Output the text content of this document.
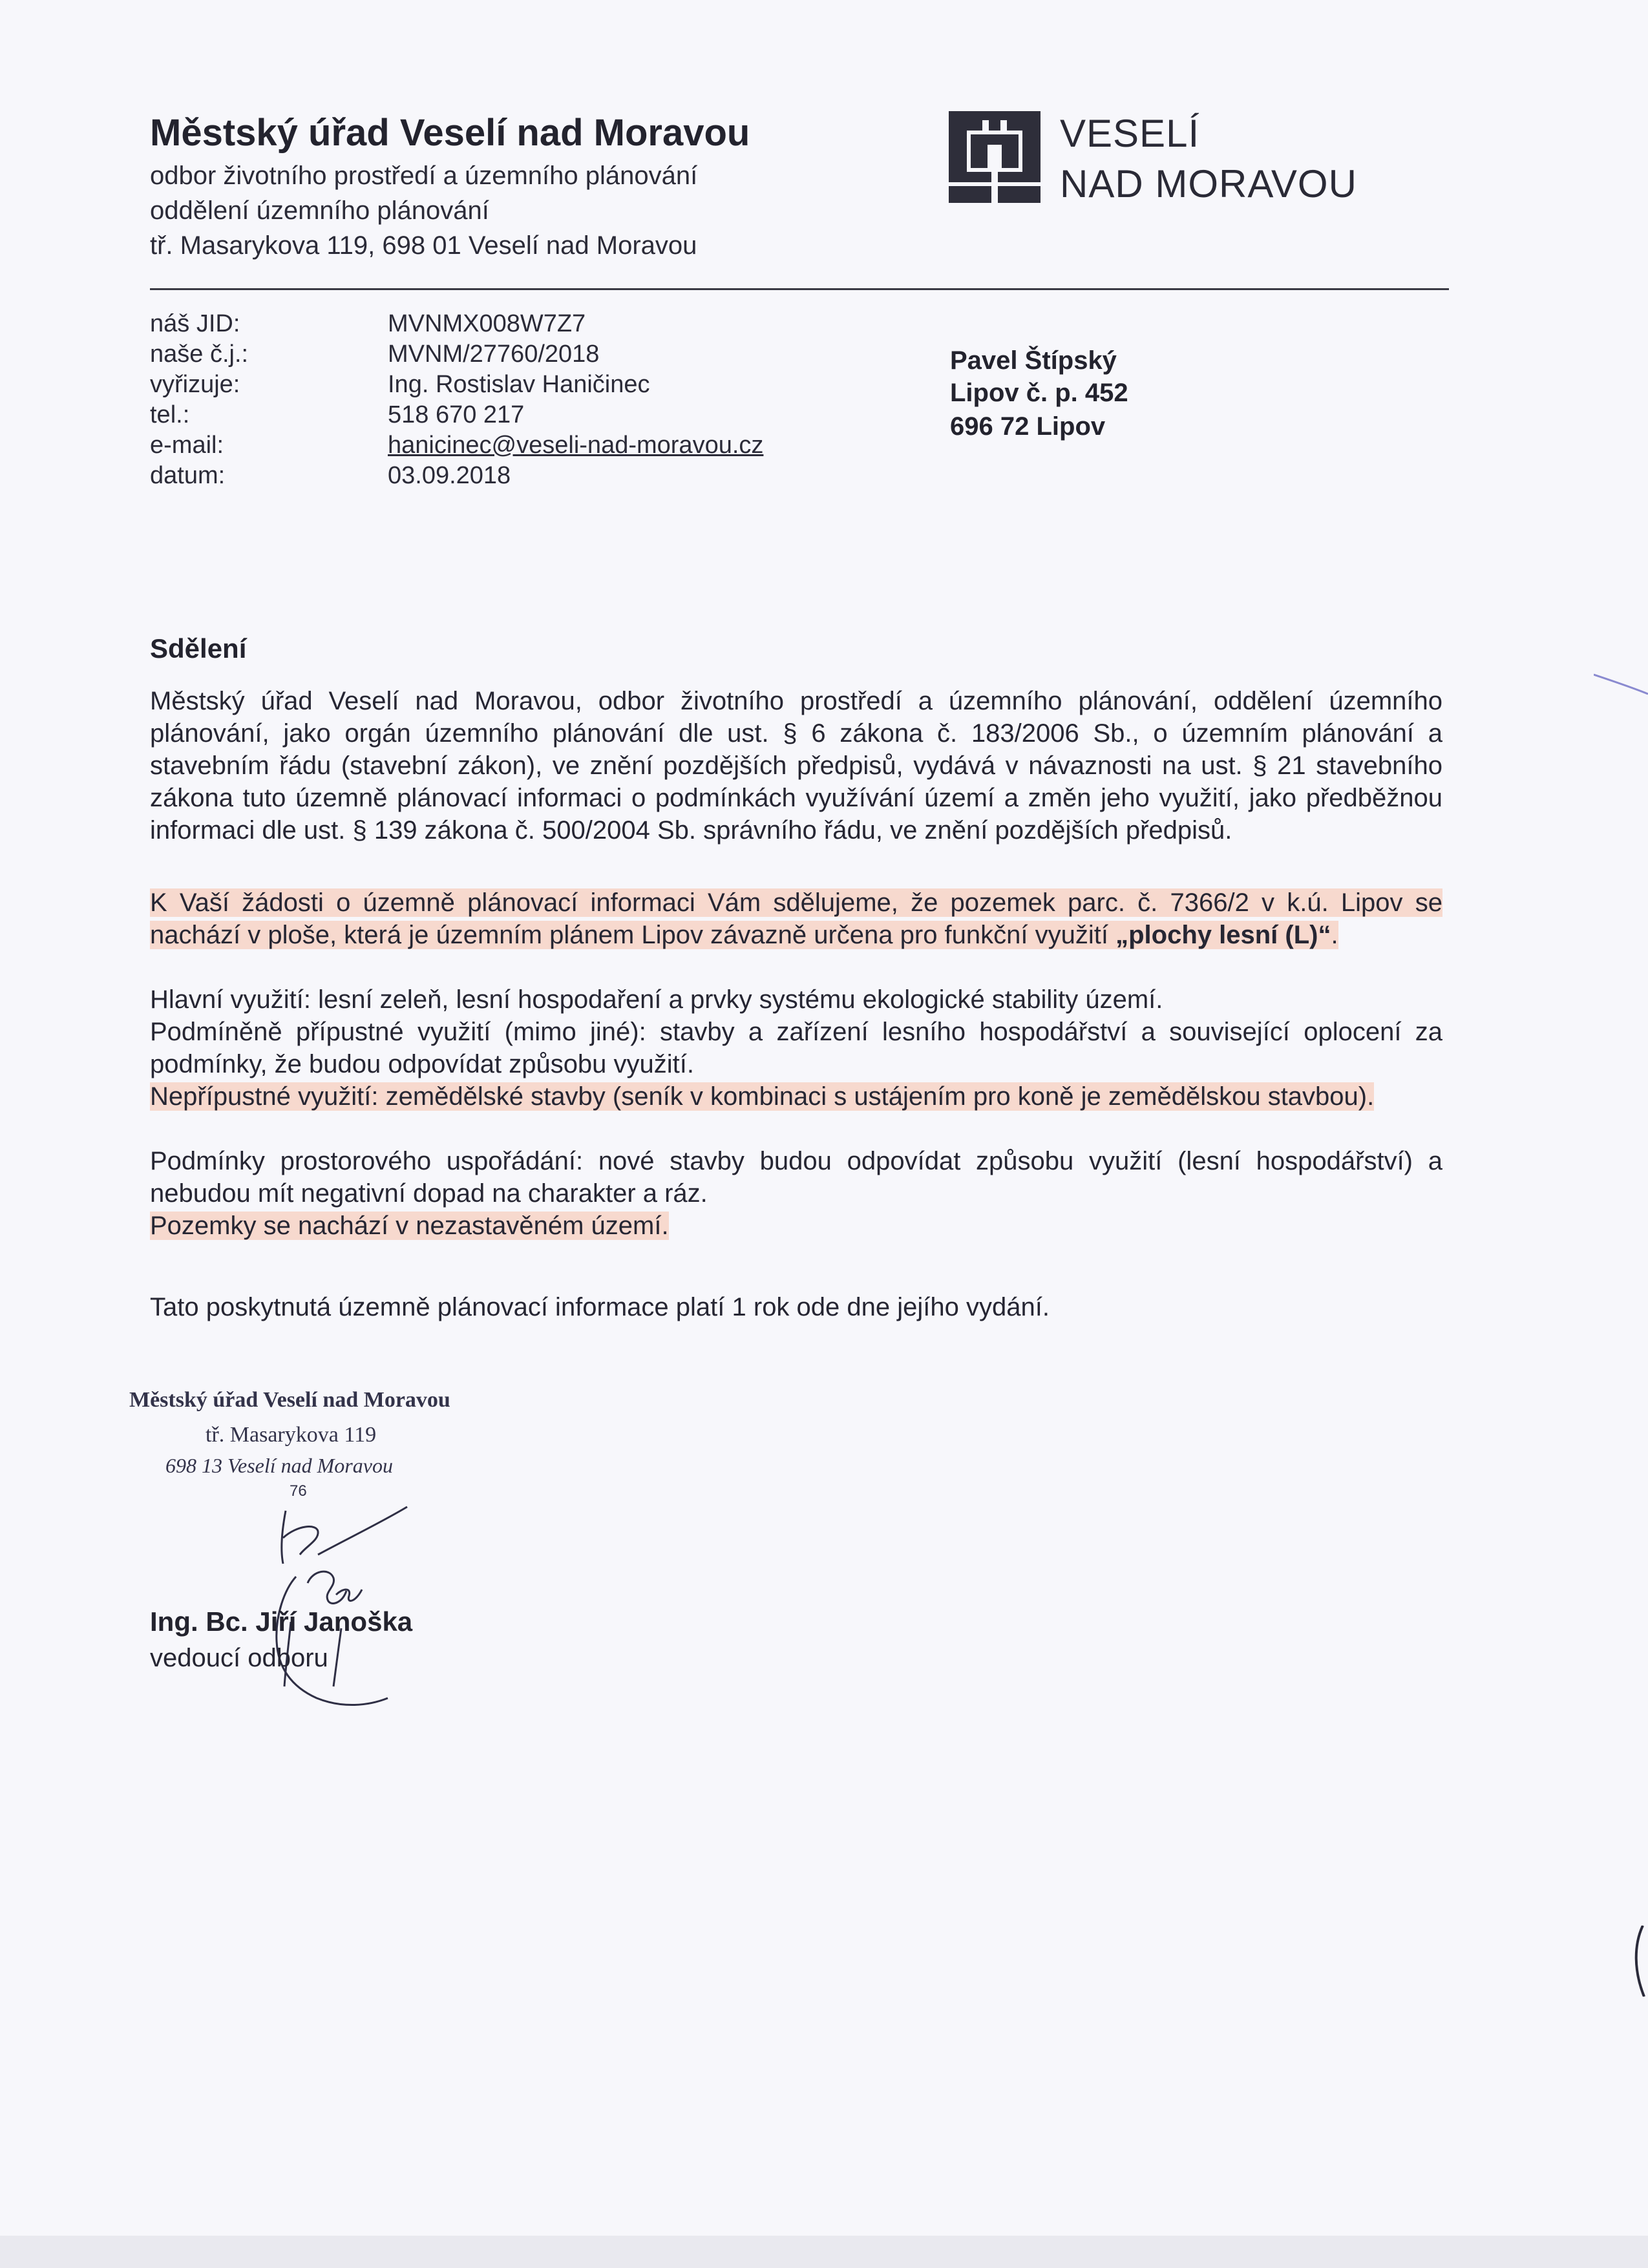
Městský úřad Veselí nad Moravou
odbor životního prostředí a územního plánování
oddělení územního plánování
tř. Masarykova 119, 698 01 Veselí nad Moravou
VESELÍ
NAD MORAVOU
náš JID:	MVNMX008W7Z7
naše č.j.:	MVNM/27760/2018
vyřizuje:	Ing. Rostislav Haničinec
tel.:	518 670 217
e-mail:	hanicinec@veseli-nad-moravou.cz
datum:	03.09.2018
Pavel Štípský
Lipov č. p. 452
696 72 Lipov
Sdělení
Městský úřad Veselí nad Moravou, odbor životního prostředí a územního plánování, oddělení územního plánování, jako orgán územního plánování dle ust. § 6 zákona č. 183/2006 Sb., o územním plánování a stavebním řádu (stavební zákon), ve znění pozdějších předpisů, vydává v návaznosti na ust. § 21 stavebního zákona tuto územně plánovací informaci o podmínkách využívání území a změn jeho využití, jako předběžnou informaci dle ust. § 139 zákona č. 500/2004 Sb. správního řádu, ve znění pozdějších předpisů.
K Vaší žádosti o územně plánovací informaci Vám sdělujeme, že pozemek parc. č. 7366/2 v k.ú. Lipov se nachází v ploše, která je územním plánem Lipov závazně určena pro funkční využití „plochy lesní (L)“.
Hlavní využití: lesní zeleň, lesní hospodaření a prvky systému ekologické stability území.
Podmíněně přípustné využití (mimo jiné): stavby a zařízení lesního hospodářství a související oplocení za podmínky, že budou odpovídat způsobu využití.
Nepřípustné využití: zemědělské stavby (seník v kombinaci s ustájením pro koně je zemědělskou stavbou).
Podmínky prostorového uspořádání: nové stavby budou odpovídat způsobu využití (lesní hospodářství) a nebudou mít negativní dopad na charakter a ráz.
Pozemky se nachází v nezastavěném území.
Tato poskytnutá územně plánovací informace platí 1 rok ode dne jejího vydání.
Městský úřad Veselí nad Moravou
tř. Masarykova 119
698 13 Veselí nad Moravou
76
Ing. Bc. Jiří Janoška
vedoucí odboru
